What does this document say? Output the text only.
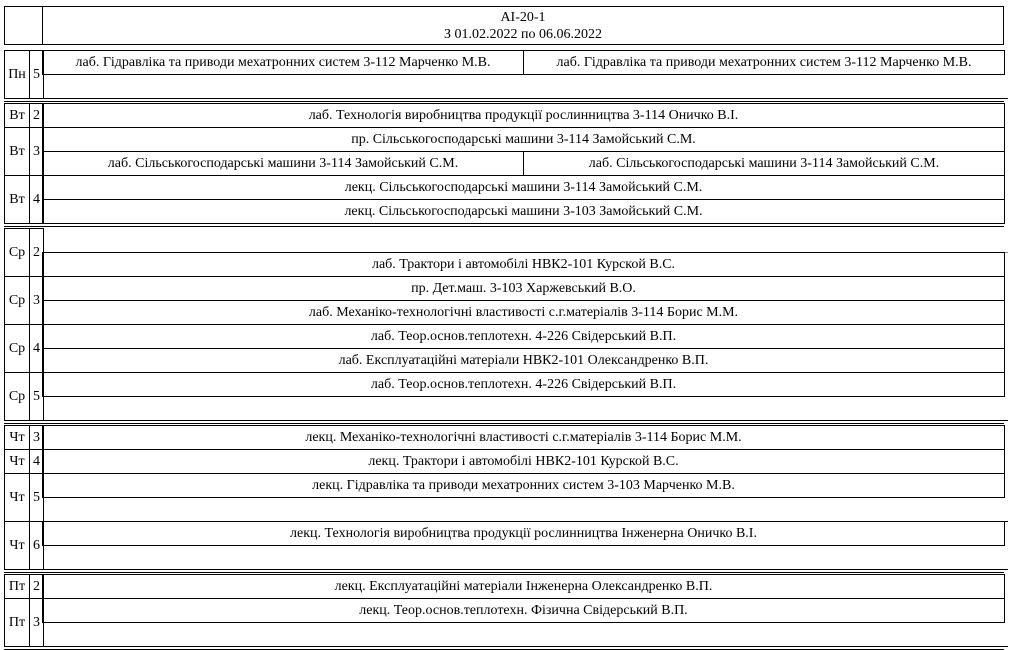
АІ-20-1
З 01.02.2022 по 06.06.2022
Пн 5
лаб. Гідравліка та приводи мехатронних систем 3-112 Марченко М.В.	лаб. Гідравліка та приводи мехатронних систем 3-112 Марченко М.В.
Вт 2	лаб. Технологія виробництва продукції рослинництва 3-114 Оничко В.І.
Вт 3
пр. Сільськогосподарські машини 3-114 Замойський С.М.
лаб. Сільськогосподарські машини 3-114 Замойський С.М.	лаб. Сільськогосподарські машини 3-114 Замойський С.М.
Вт 4
лекц. Сільськогосподарські машини 3-114 Замойський С.М.
лекц. Сільськогосподарські машини 3-103 Замойський С.М.
Ср 2
лаб. Трактори і автомобілі НВК2-101 Курской В.С.
Ср 3
пр. Дет.маш. 3-103 Харжевський В.О.
лаб. Механіко-технологічні властивості с.г.матеріалів 3-114 Борис М.М.
Ср 4
лаб. Теор.основ.теплотехн. 4-226 Свідерський В.П.
лаб. Експлуатаційні матеріали НВК2-101 Олександренко В.П.
Ср 5
лаб. Теор.основ.теплотехн. 4-226 Свідерський В.П.
Чт 3	лекц. Механіко-технологічні властивості с.г.матеріалів 3-114 Борис М.М.
Чт 4	лекц. Трактори і автомобілі НВК2-101 Курской В.С.
Чт 5
лекц. Гідравліка та приводи мехатронних систем 3-103 Марченко М.В.
Чт 6
лекц. Технологія виробництва продукції рослинництва Інженерна Оничко В.І.
Пт 2	лекц. Експлуатаційні матеріали Інженерна Олександренко В.П.
Пт 3
лекц. Теор.основ.теплотехн. Фізична Свідерський В.П.
